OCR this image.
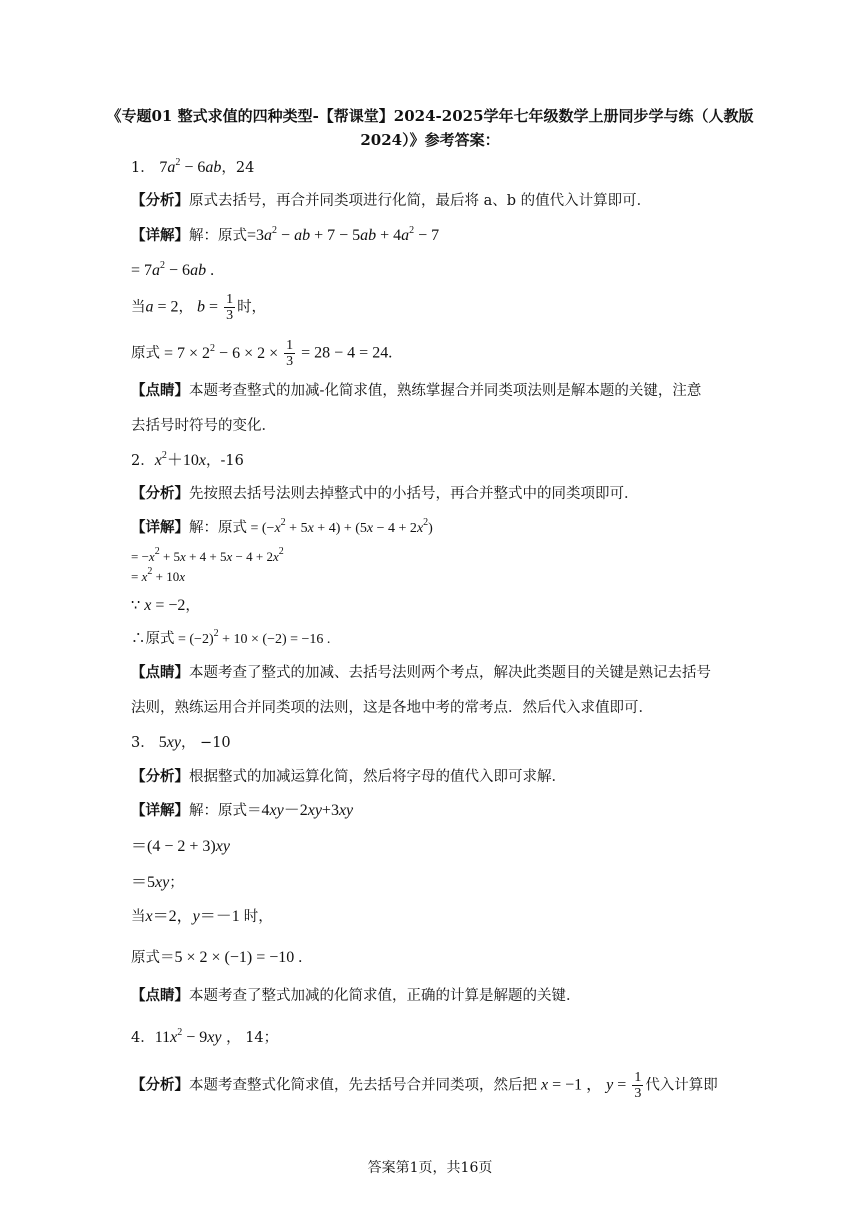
《专题01 整式求值的四种类型-【帮课堂】2024-2025学年七年级数学上册同步学与练（人教版2024）》参考答案：
1． $7a^2 - 6ab$，24
【分析】原式去括号，再合并同类项进行化简，最后将 a、b 的值代入计算即可．
【详解】解：原式$=3a^2$ − ab + $7 - 5ab + 4a^2 - 7$
= $7a^2 - 6ab$ .
当a = 2， $b = \frac{1}{3}$ 时，
原式 = $7 \times 2^2 - 6 \times 2 \times \frac{1}{3} = 28 - 4 = 24$.
【点睛】本题考查整式的加减-化简求值，熟练掌握合并同类项法则是解本题的关键，注意
去括号时符号的变化．
2．$x^2+10x$，-16
【分析】先按照去括号法则去掉整式中的小括号，再合并整式中的同类项即可．
【详解】解：原式 = $(-x^2 + 5x + 4) + (5x - 4 + 2x^2)$
= $-x^2 + 5x + 4 + 5x - 4 + 2x^2$
= $x^2 + 10x$
∵ x = −2，
∴原式 = $(-2)^2 + 10 \times (-2) = -16$ .
【点睛】本题考查了整式的加减、去括号法则两个考点，解决此类题目的关键是熟记去括号
法则，熟练运用合并同类项的法则，这是各地中考的常考点．然后代入求值即可．
3． 5xy， −10
【分析】根据整式的加减运算化简，然后将字母的值代入即可求解．
【详解】解：原式＝4xy－2xy+3xy
＝(4 − 2 + 3)xy
＝5xy；
当x＝2，y＝－1 时，
原式＝5 × 2 × (−1) = −10 .
【点睛】本题考查了整式加减的化简求值，正确的计算是解题的关键．
4．$11x^2 - 9xy$ ， 14；
【分析】本题考查整式化简求值，先去括号合并同类项，然后把 x = −1 ， $y = \frac{1}{3}$ 代入计算即
答案第1页，共16页
